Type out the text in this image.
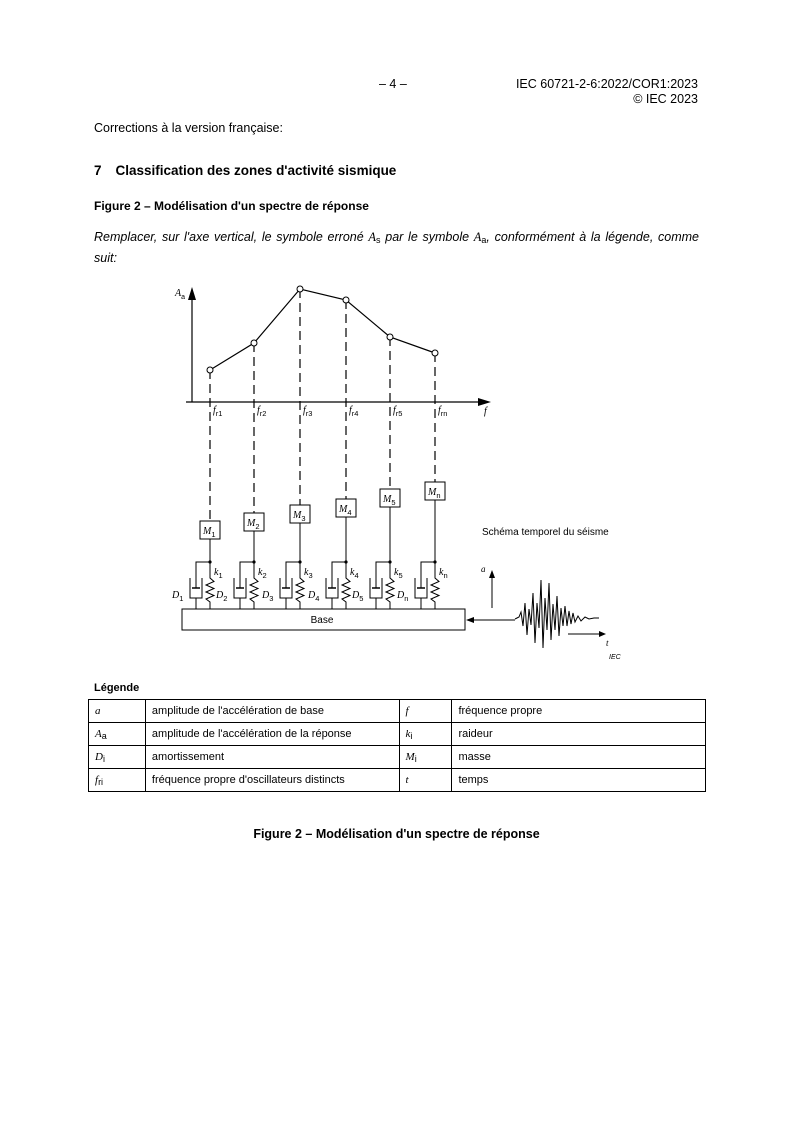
– 4 –	IEC 60721-2-6:2022/COR1:2023
© IEC 2023
Corrections à la version française:
7 Classification des zones d'activité sismique
Figure 2 – Modélisation d'un spectre de réponse
Remplacer, sur l'axe vertical, le symbole erroné $A_s$ par le symbole $A_a$, conformément à la légende, comme suit:
$A_a$
f
$f_{r1}$
$M_1$
$k_1$
$D_1$
$f_{r2}$
$M_2$
$k_2$
$D_2$
$f_{r3}$
$M_3$
$k_3$
$D_3$
$f_{r4}$
$M_4$
$k_4$
$D_4$
$f_{r5}$
$M_5$
$k_5$
$D_5$
$f_{rn}$
$M_n$
$k_n$
$D_n$
Base
Schéma temporel du séisme
a
t
IEC
Légende
a	amplitude de l'accélération de base	f	fréquence propre
$A_a$	amplitude de l'accélération de la réponse	$k_i$	raideur
$D_i$	amortissement	$M_i$	masse
$f_{ri}$	fréquence propre d'oscillateurs distincts	t	temps
Figure 2 – Modélisation d'un spectre de réponse
